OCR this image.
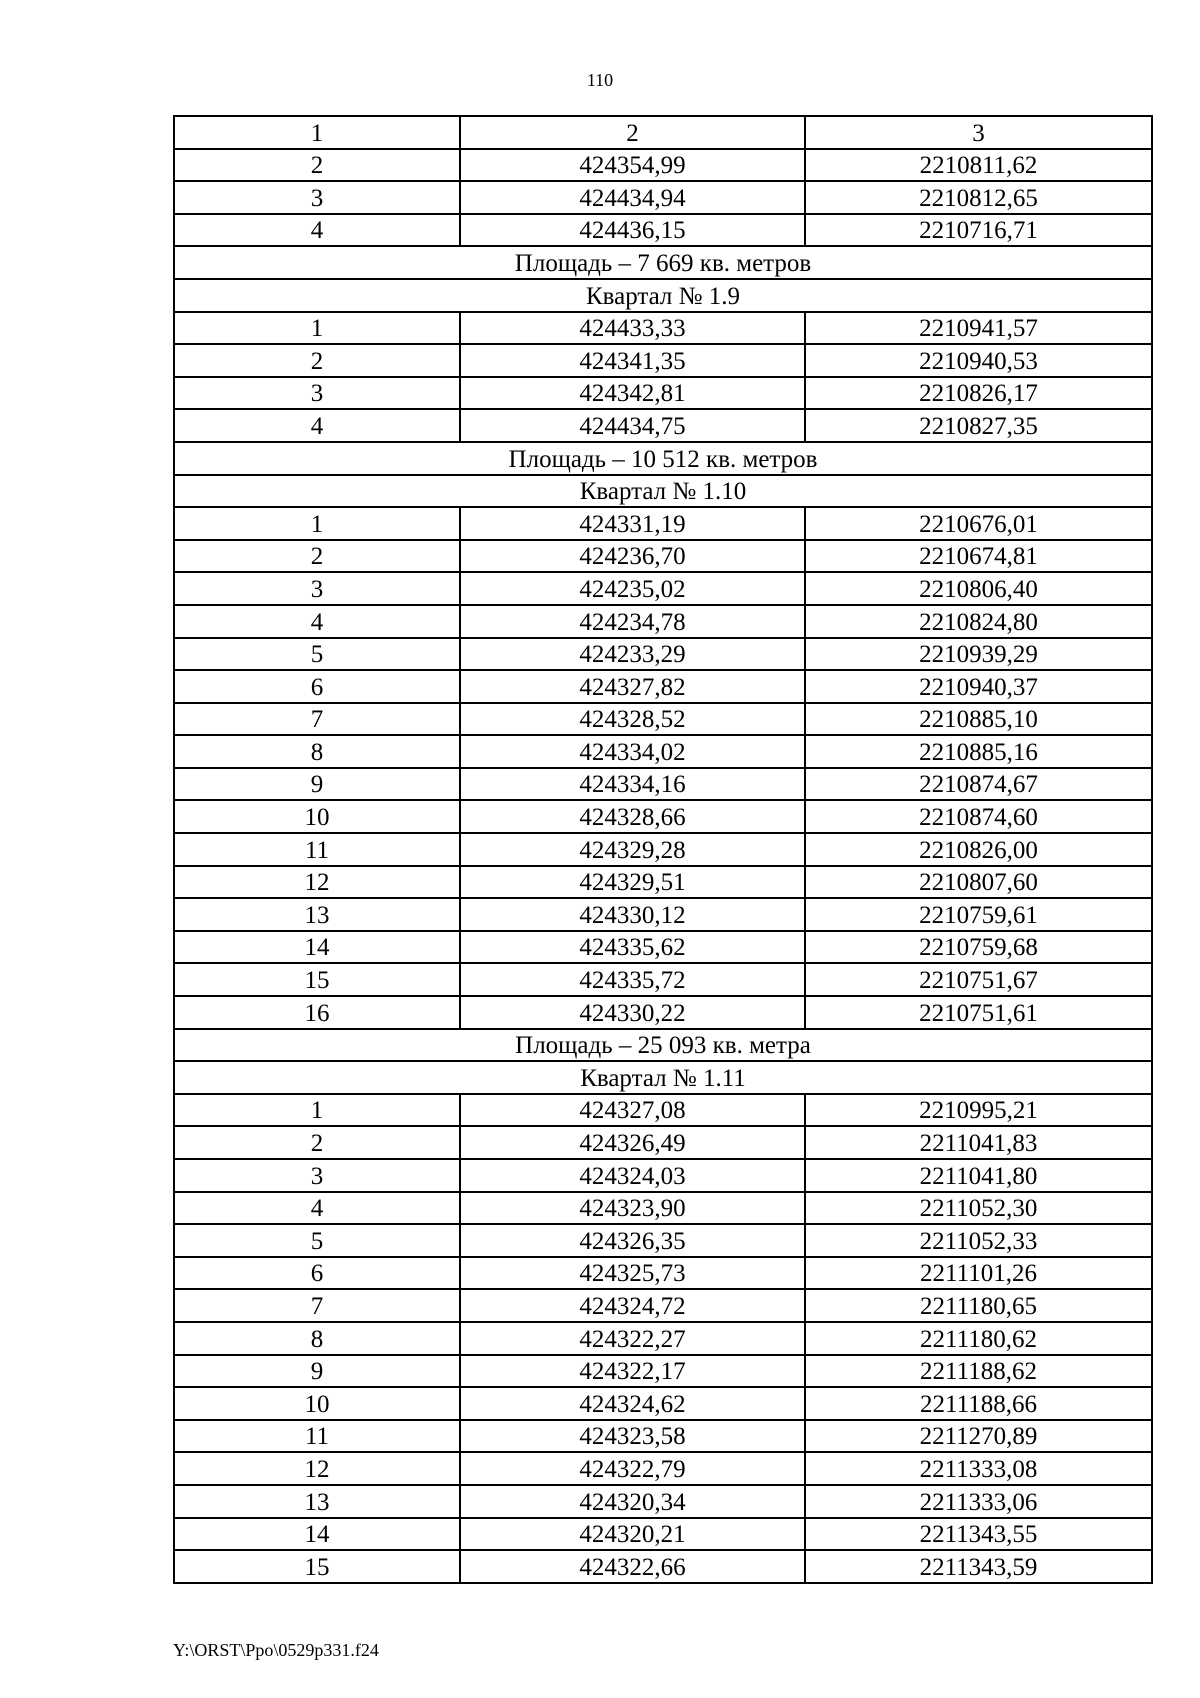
110
1	2	3
2	424354,99	2210811,62
3	424434,94	2210812,65
4	424436,15	2210716,71
Площадь – 7 669 кв. метров		
Квартал № 1.9		
1	424433,33	2210941,57
2	424341,35	2210940,53
3	424342,81	2210826,17
4	424434,75	2210827,35
Площадь – 10 512 кв. метров		
Квартал № 1.10		
1	424331,19	2210676,01
2	424236,70	2210674,81
3	424235,02	2210806,40
4	424234,78	2210824,80
5	424233,29	2210939,29
6	424327,82	2210940,37
7	424328,52	2210885,10
8	424334,02	2210885,16
9	424334,16	2210874,67
10	424328,66	2210874,60
11	424329,28	2210826,00
12	424329,51	2210807,60
13	424330,12	2210759,61
14	424335,62	2210759,68
15	424335,72	2210751,67
16	424330,22	2210751,61
Площадь – 25 093 кв. метра		
Квартал № 1.11		
1	424327,08	2210995,21
2	424326,49	2211041,83
3	424324,03	2211041,80
4	424323,90	2211052,30
5	424326,35	2211052,33
6	424325,73	2211101,26
7	424324,72	2211180,65
8	424322,27	2211180,62
9	424322,17	2211188,62
10	424324,62	2211188,66
11	424323,58	2211270,89
12	424322,79	2211333,08
13	424320,34	2211333,06
14	424320,21	2211343,55
15	424322,66	2211343,59
Y:\ORST\Ppo\0529p331.f24
